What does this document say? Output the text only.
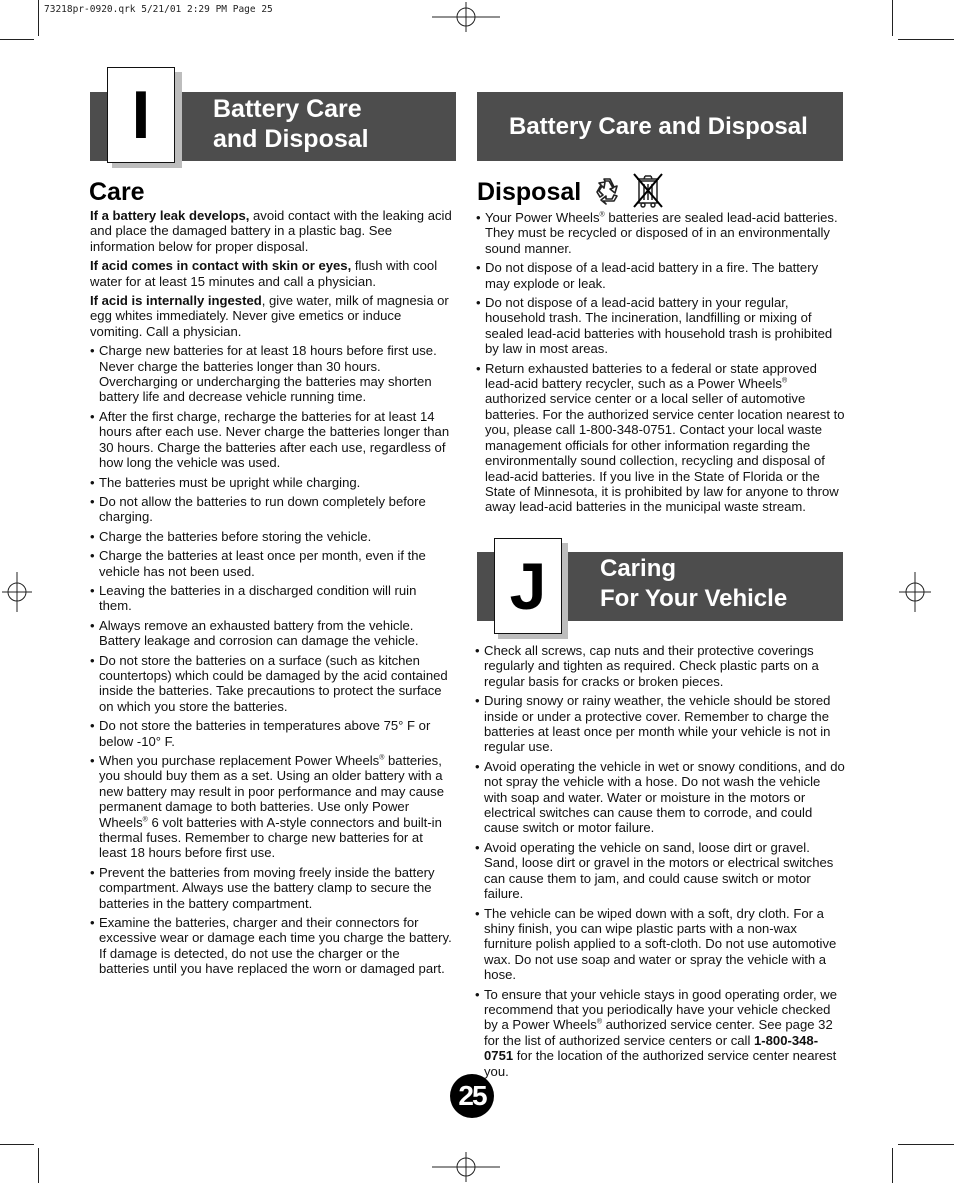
73218pr-0920.qrk 5/21/01 2:29 PM Page 25
Battery Care
and Disposal
I	Battery Care and Disposal
Care

If a battery leak develops, avoid contact with the leaking acid and place the damaged battery in a plastic bag. See information below for proper disposal.

If acid comes in contact with skin or eyes, flush with cool water for at least 15 minutes and call a physician.

If acid is internally ingested, give water, milk of magnesia or egg whites immediately. Never give emetics or induce vomiting. Call a physician.

• Charge new batteries for at least 18 hours before first use. Never charge the batteries longer than 30 hours. Overcharging or undercharging the batteries may shorten battery life and decrease vehicle running time.
• After the first charge, recharge the batteries for at least 14 hours after each use. Never charge the batteries longer than 30 hours. Charge the batteries after each use, regardless of how long the vehicle was used.
• The batteries must be upright while charging.
• Do not allow the batteries to run down completely before charging.
• Charge the batteries before storing the vehicle.
• Charge the batteries at least once per month, even if the vehicle has not been used.
• Leaving the batteries in a discharged condition will ruin them.
• Always remove an exhausted battery from the vehicle. Battery leakage and corrosion can damage the vehicle.
• Do not store the batteries on a surface (such as kitchen countertops) which could be damaged by the acid contained inside the batteries. Take precautions to protect the surface on which you store the batteries.
• Do not store the batteries in temperatures above 75° F or below -10° F.
• When you purchase replacement Power Wheels® batteries, you should buy them as a set. Using an older battery with a new battery may result in poor performance and may cause permanent damage to both batteries. Use only Power Wheels® 6 volt batteries with A-style connectors and built-in thermal fuses. Remember to charge new batteries for at least 18 hours before first use.
• Prevent the batteries from moving freely inside the battery compartment. Always use the battery clamp to secure the batteries in the battery compartment.
• Examine the batteries, charger and their connectors for excessive wear or damage each time you charge the battery. If damage is detected, do not use the charger or the batteries until you have replaced the worn or damaged part.
Disposal
• Your Power Wheels® batteries are sealed lead-acid batteries. They must be recycled or disposed of in an environmentally sound manner.
• Do not dispose of a lead-acid battery in a fire. The battery may explode or leak.
• Do not dispose of a lead-acid battery in your regular, household trash. The incineration, landfilling or mixing of sealed lead-acid batteries with household trash is prohibited by law in most areas.
• Return exhausted batteries to a federal or state approved lead-acid battery recycler, such as a Power Wheels® authorized service center or a local seller of automotive batteries. For the authorized service center location nearest to you, please call 1-800-348-0751. Contact your local waste management officials for other information regarding the environmentally sound collection, recycling and disposal of lead-acid batteries. If you live in the State of Florida or the State of Minnesota, it is prohibited by law for anyone to throw away lead-acid batteries in the municipal waste stream.
Caring
For Your Vehicle
J
• Check all screws, cap nuts and their protective coverings regularly and tighten as required. Check plastic parts on a regular basis for cracks or broken pieces.
• During snowy or rainy weather, the vehicle should be stored inside or under a protective cover. Remember to charge the batteries at least once per month while your vehicle is not in regular use.
• Avoid operating the vehicle in wet or snowy conditions, and do not spray the vehicle with a hose. Do not wash the vehicle with soap and water. Water or moisture in the motors or electrical switches can cause them to corrode, and could cause switch or motor failure.
• Avoid operating the vehicle on sand, loose dirt or gravel. Sand, loose dirt or gravel in the motors or electrical switches can cause them to jam, and could cause switch or motor failure.
• The vehicle can be wiped down with a soft, dry cloth. For a shiny finish, you can wipe plastic parts with a non-wax furniture polish applied to a soft-cloth. Do not use automotive wax. Do not use soap and water or spray the vehicle with a hose.
• To ensure that your vehicle stays in good operating order, we recommend that you periodically have your vehicle checked by a Power Wheels® authorized service center. See page 32 for the list of authorized service centers or call 1-800-348-0751 for the location of the authorized service center nearest you.
25
